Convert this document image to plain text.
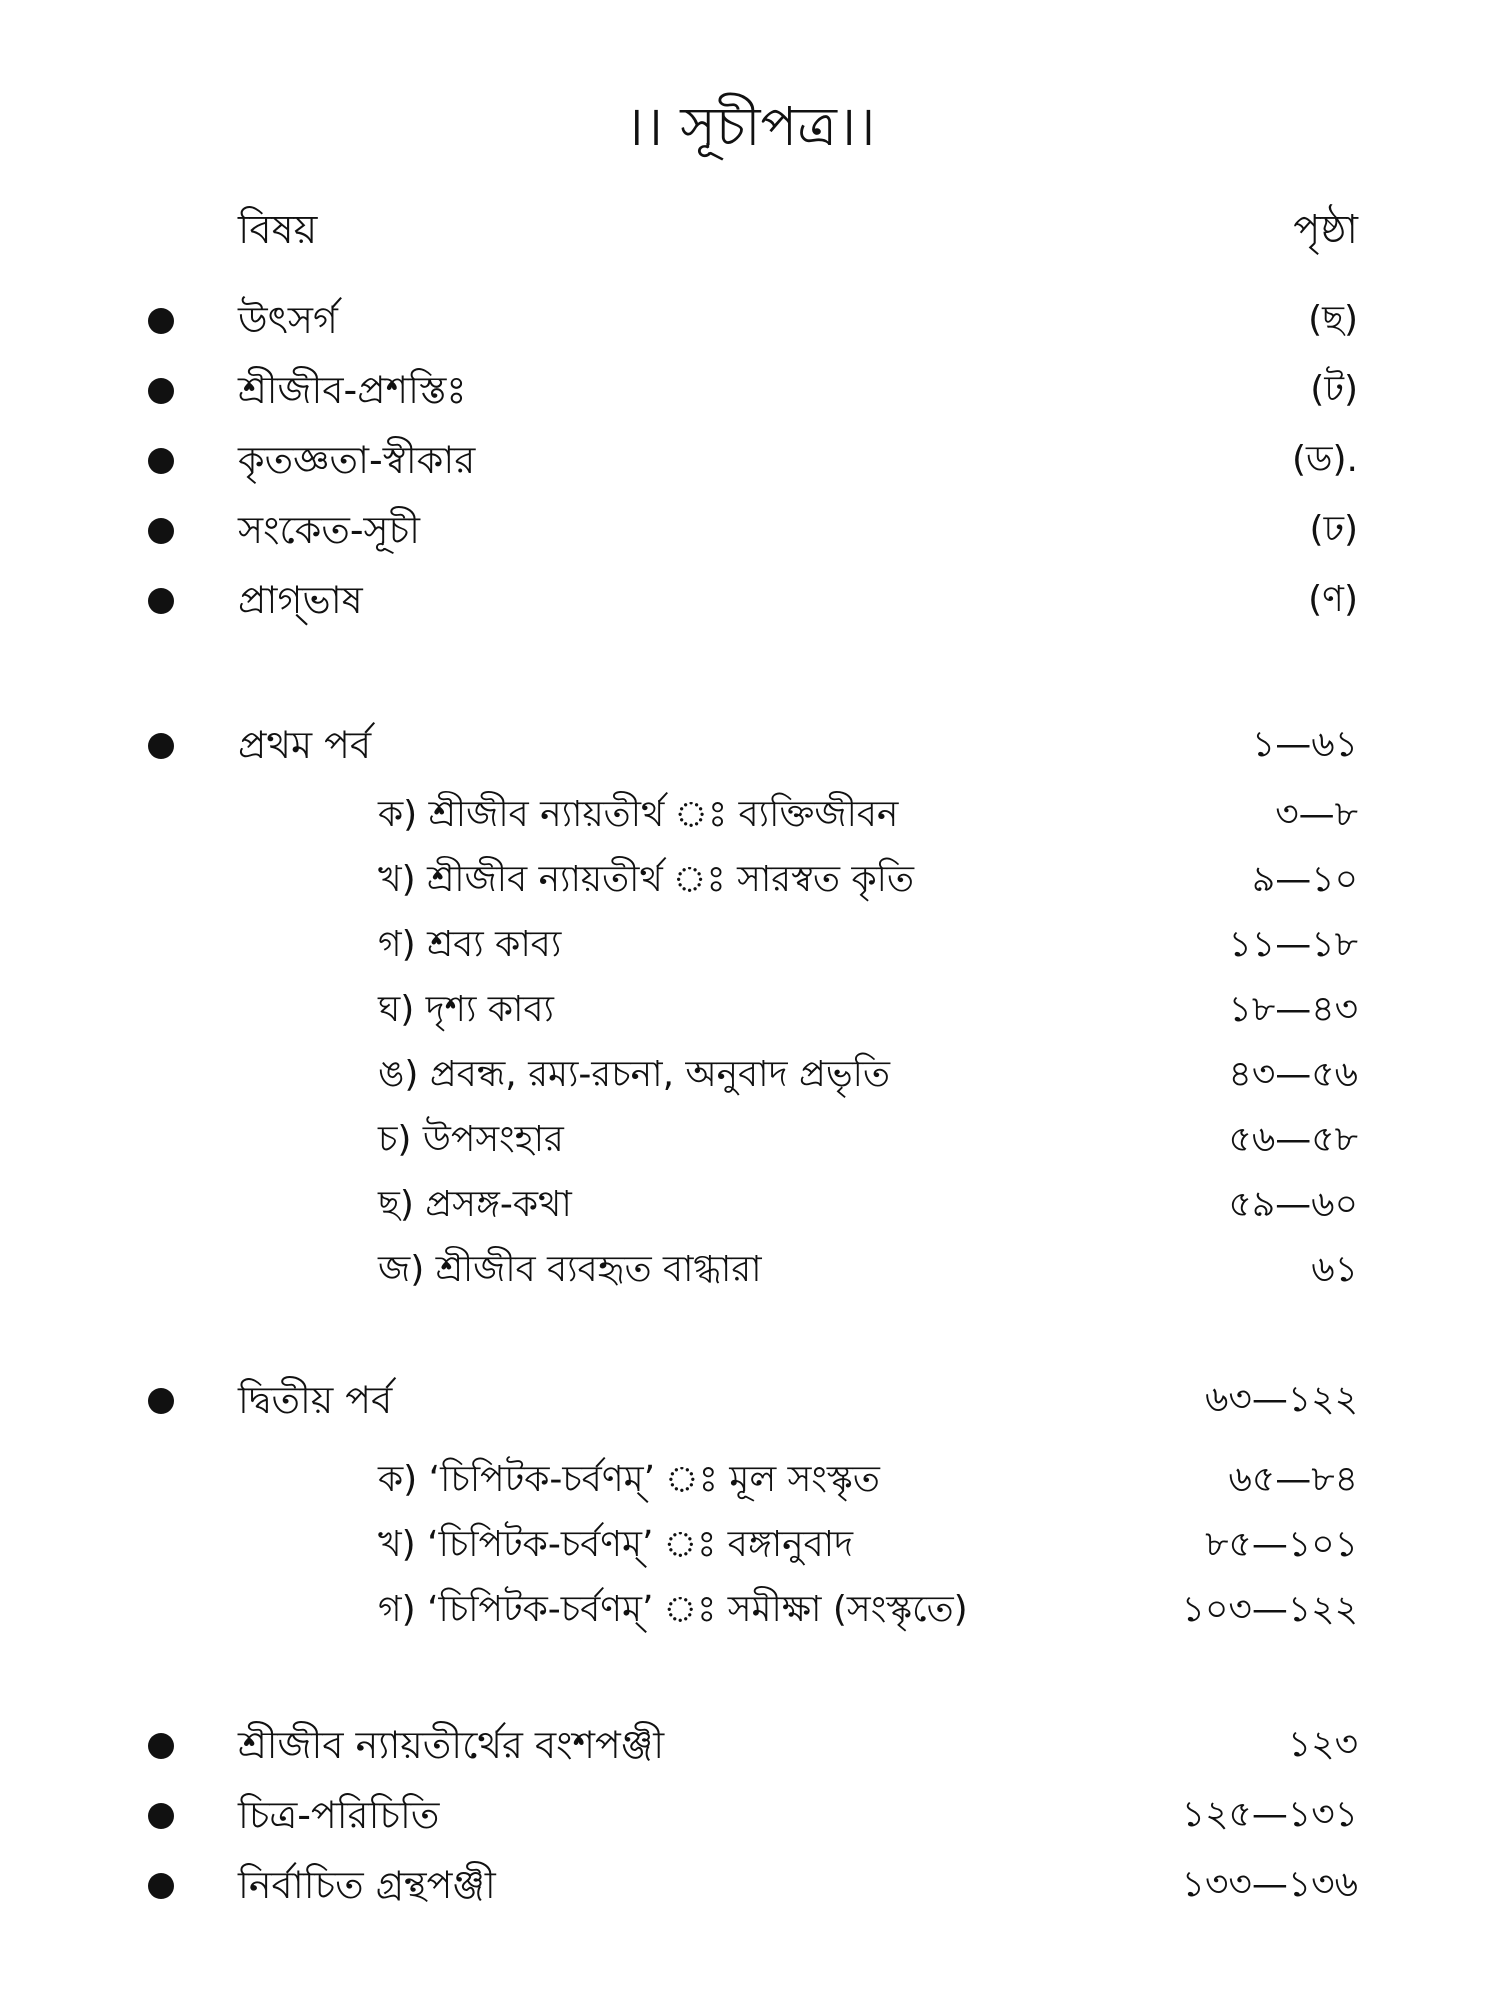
।। সূচীপত্র।।
বিষয়	পৃষ্ঠা
উৎসর্গ	(ছ)
শ্রীজীব-প্রশস্তিঃ	(ট)
কৃতজ্ঞতা-স্বীকার	(ড).
সংকেত-সূচী	(ঢ)
প্রাগ্ভাষ	(ণ)
প্রথম পর্ব	১—৬১
ক) শ্রীজীব ন্যায়তীর্থ ঃ ব্যক্তিজীবন	৩—৮
খ) শ্রীজীব ন্যায়তীর্থ ঃ সারস্বত কৃতি	৯—১০
গ) শ্রব্য কাব্য	১১—১৮
ঘ) দৃশ্য কাব্য	১৮—৪৩
ঙ) প্রবন্ধ, রম্য-রচনা, অনুবাদ প্রভৃতি	৪৩—৫৬
চ) উপসংহার	৫৬—৫৮
ছ) প্রসঙ্গ-কথা	৫৯—৬০
জ) শ্রীজীব ব্যবহৃত বাগ্ধারা	৬১
দ্বিতীয় পর্ব	৬৩—১২২
ক) ‘চিপিটক-চর্বণম্’ ঃ মূল সংস্কৃত	৬৫—৮৪
খ) ‘চিপিটক-চর্বণম্’ ঃ বঙ্গানুবাদ	৮৫—১০১
গ) ‘চিপিটক-চর্বণম্’ ঃ সমীক্ষা (সংস্কৃতে)	১০৩—১২২
শ্রীজীব ন্যায়তীর্থের বংশপঞ্জী	১২৩
চিত্র-পরিচিতি	১২৫—১৩১
নির্বাচিত গ্রন্থপঞ্জী	১৩৩—১৩৬
